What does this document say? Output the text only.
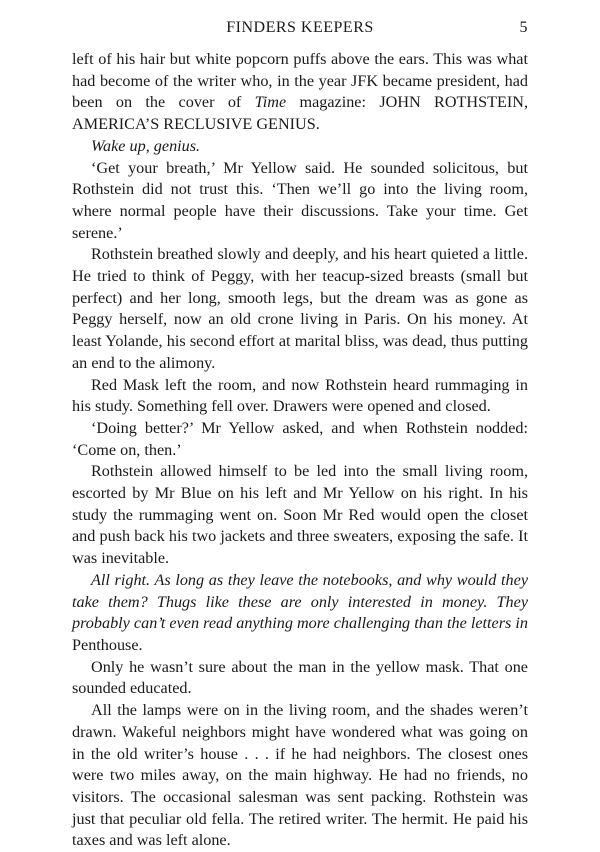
FINDERS KEEPERS	5

left of his hair but white popcorn puffs above the ears. This was what had become of the writer who, in the year JFK became president, had been on the cover of Time magazine: JOHN ROTHSTEIN, AMERICA’S RECLUSIVE GENIUS.

Wake up, genius.

‘Get your breath,’ Mr Yellow said. He sounded solicitous, but Rothstein did not trust this. ‘Then we’ll go into the living room, where normal people have their discussions. Take your time. Get serene.’

Rothstein breathed slowly and deeply, and his heart quieted a little. He tried to think of Peggy, with her teacup-sized breasts (small but perfect) and her long, smooth legs, but the dream was as gone as Peggy herself, now an old crone living in Paris. On his money. At least Yolande, his second effort at marital bliss, was dead, thus putting an end to the alimony.

Red Mask left the room, and now Rothstein heard rummaging in his study. Something fell over. Drawers were opened and closed.

‘Doing better?’ Mr Yellow asked, and when Rothstein nodded: ‘Come on, then.’

Rothstein allowed himself to be led into the small living room, escorted by Mr Blue on his left and Mr Yellow on his right. In his study the rummaging went on. Soon Mr Red would open the closet and push back his two jackets and three sweaters, exposing the safe. It was inevitable.

All right. As long as they leave the notebooks, and why would they take them? Thugs like these are only interested in money. They probably can’t even read anything more challenging than the letters in Penthouse.

Only he wasn’t sure about the man in the yellow mask. That one sounded educated.

All the lamps were on in the living room, and the shades weren’t drawn. Wakeful neighbors might have wondered what was going on in the old writer’s house . . . if he had neighbors. The closest ones were two miles away, on the main highway. He had no friends, no visitors. The occasional salesman was sent packing. Rothstein was just that peculiar old fella. The retired writer. The hermit. He paid his taxes and was left alone.
